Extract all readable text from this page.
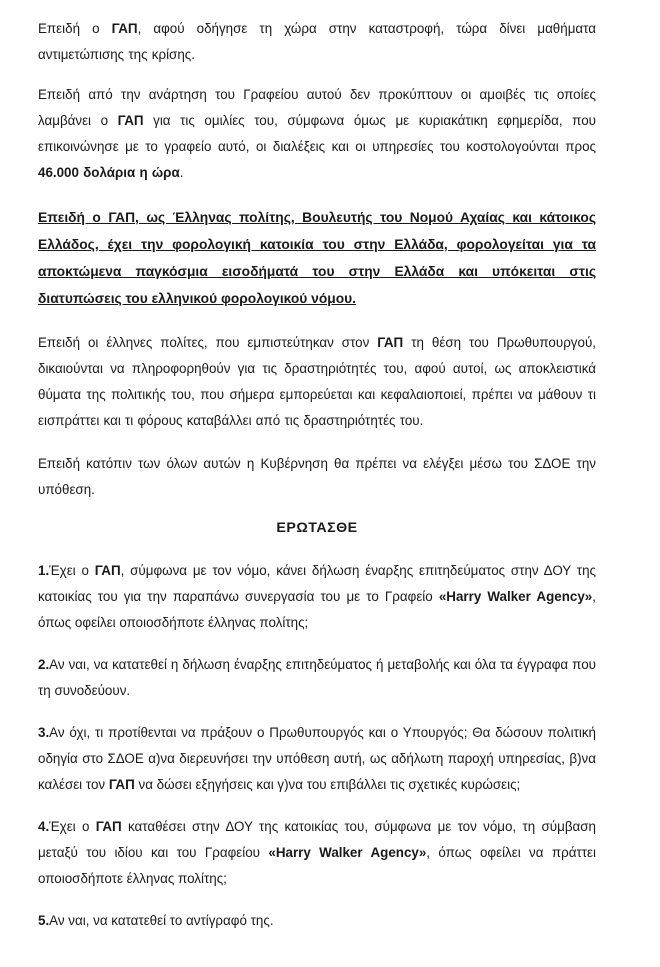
Επειδή ο ΓΑΠ, αφού οδήγησε τη χώρα στην καταστροφή, τώρα δίνει μαθήματα αντιμετώπισης της κρίσης.

Επειδή από την ανάρτηση του Γραφείου αυτού δεν προκύπτουν οι αμοιβές τις οποίες λαμβάνει ο ΓΑΠ για τις ομιλίες του, σύμφωνα όμως με κυριακάτικη εφημερίδα, που επικοινώνησε με το γραφείο αυτό, οι διαλέξεις και οι υπηρεσίες του κοστολογούνται προς 46.000 δολάρια η ώρα.

Επειδή ο ΓΑΠ, ως Έλληνας πολίτης, Βουλευτής του Νομού Αχαίας και κάτοικος Ελλάδος, έχει την φορολογική κατοικία του στην Ελλάδα, φορολογείται για τα αποκτώμενα παγκόσμια εισοδήματά του στην Ελλάδα και υπόκειται στις διατυπώσεις του ελληνικού φορολογικού νόμου.

Επειδή οι έλληνες πολίτες, που εμπιστεύτηκαν στον ΓΑΠ τη θέση του Πρωθυπουργού, δικαιούνται να πληροφορηθούν για τις δραστηριότητές του, αφού αυτοί, ως αποκλειστικά θύματα της πολιτικής του, που σήμερα εμπορεύεται και κεφαλαιοποιεί, πρέπει να μάθουν τι εισπράττει και τι φόρους καταβάλλει από τις δραστηριότητές του.

Επειδή κατόπιν των όλων αυτών η Κυβέρνηση θα πρέπει να ελέγξει μέσω του ΣΔΟΕ την υπόθεση.

ΕΡΩΤΑΣΘΕ

1.Έχει ο ΓΑΠ, σύμφωνα με τον νόμο, κάνει δήλωση έναρξης επιτηδεύματος στην ΔΟΥ της κατοικίας του για την παραπάνω συνεργασία του με το Γραφείο «Harry Walker Agency», όπως οφείλει οποιοσδήποτε έλληνας πολίτης;

2.Αν ναι, να κατατεθεί η δήλωση έναρξης επιτηδεύματος ή μεταβολής και όλα τα έγγραφα που τη συνοδεύουν.

3.Αν όχι, τι προτίθενται να πράξουν ο Πρωθυπουργός και ο Υπουργός; Θα δώσουν πολιτική οδηγία στο ΣΔΟΕ α)να διερευνήσει την υπόθεση αυτή, ως αδήλωτη παροχή υπηρεσίας, β)να καλέσει τον ΓΑΠ να δώσει εξηγήσεις και γ)να του επιβάλλει τις σχετικές κυρώσεις;

4.Έχει ο ΓΑΠ καταθέσει στην ΔΟΥ της κατοικίας του, σύμφωνα με τον νόμο, τη σύμβαση μεταξύ του ιδίου και του Γραφείου «Harry Walker Agency», όπως οφείλει να πράττει οποιοσδήποτε έλληνας πολίτης;

5.Αν ναι, να κατατεθεί το αντίγραφό της.
